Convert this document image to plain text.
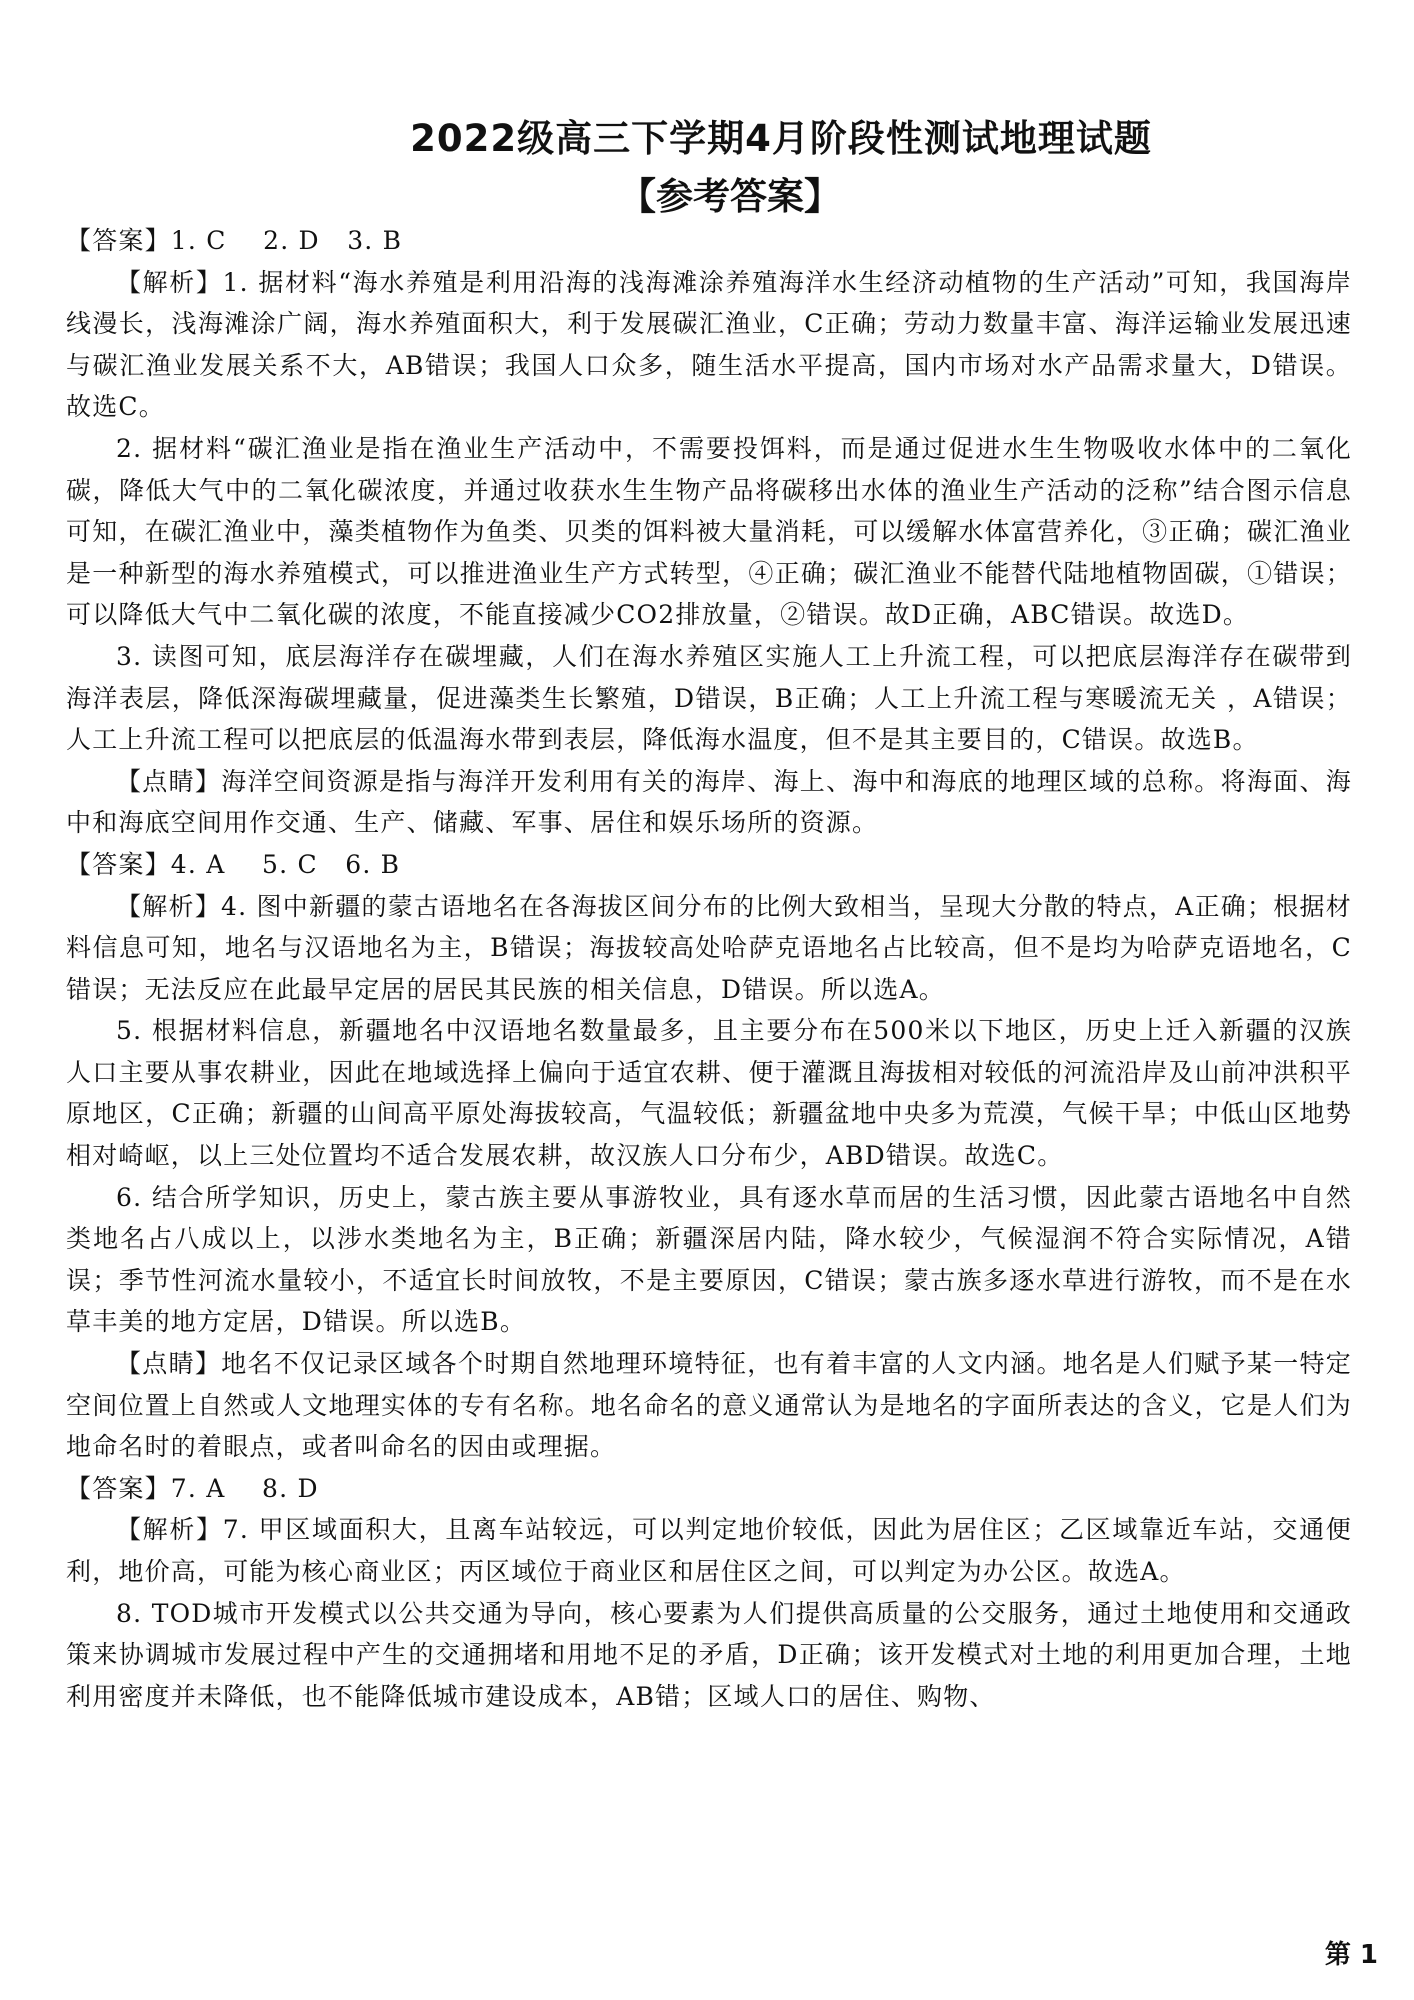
2022级高三下学期4月阶段性测试地理试题
【参考答案】

【答案】1. C    2. D   3. B

【解析】1. 据材料“海水养殖是利用沿海的浅海滩涂养殖海洋水生经济动植物的生产活动”可知，我国海岸线漫长，浅海滩涂广阔，海水养殖面积大，利于发展碳汇渔业，C正确；劳动力数量丰富、海洋运输业发展迅速与碳汇渔业发展关系不大，AB错误；我国人口众多，随生活水平提高，国内市场对水产品需求量大，D错误。故选C。

2. 据材料“碳汇渔业是指在渔业生产活动中，不需要投饵料，而是通过促进水生生物吸收水体中的二氧化碳，降低大气中的二氧化碳浓度，并通过收获水生生物产品将碳移出水体的渔业生产活动的泛称”结合图示信息可知，在碳汇渔业中，藻类植物作为鱼类、贝类的饵料被大量消耗，可以缓解水体富营养化，③正确；碳汇渔业是一种新型的海水养殖模式，可以推进渔业生产方式转型，④正确；碳汇渔业不能替代陆地植物固碳，①错误；可以降低大气中二氧化碳的浓度，不能直接减少CO2排放量，②错误。故D正确，ABC错误。故选D。

3. 读图可知，底层海洋存在碳埋藏，人们在海水养殖区实施人工上升流工程，可以把底层海洋存在碳带到海洋表层，降低深海碳埋藏量，促进藻类生长繁殖，D错误，B正确；人工上升流工程与寒暖流无关 ，A错误；人工上升流工程可以把底层的低温海水带到表层，降低海水温度，但不是其主要目的，C错误。故选B。

【点睛】海洋空间资源是指与海洋开发利用有关的海岸、海上、海中和海底的地理区域的总称。将海面、海中和海底空间用作交通、生产、储藏、军事、居住和娱乐场所的资源。

【答案】4. A    5. C   6. B

【解析】4. 图中新疆的蒙古语地名在各海拔区间分布的比例大致相当，呈现大分散的特点，A正确；根据材料信息可知，地名与汉语地名为主，B错误；海拔较高处哈萨克语地名占比较高，但不是均为哈萨克语地名，C错误；无法反应在此最早定居的居民其民族的相关信息，D错误。所以选A。

5. 根据材料信息，新疆地名中汉语地名数量最多，且主要分布在500米以下地区，历史上迁入新疆的汉族人口主要从事农耕业，因此在地域选择上偏向于适宜农耕、便于灌溉且海拔相对较低的河流沿岸及山前冲洪积平原地区，C正确；新疆的山间高平原处海拔较高，气温较低；新疆盆地中央多为荒漠，气候干旱；中低山区地势相对崎岖，以上三处位置均不适合发展农耕，故汉族人口分布少，ABD错误。故选C。

6. 结合所学知识，历史上，蒙古族主要从事游牧业，具有逐水草而居的生活习惯，因此蒙古语地名中自然类地名占八成以上，以涉水类地名为主，B正确；新疆深居内陆，降水较少，气候湿润不符合实际情况，A错误；季节性河流水量较小，不适宜长时间放牧，不是主要原因，C错误；蒙古族多逐水草进行游牧，而不是在水草丰美的地方定居，D错误。所以选B。

【点睛】地名不仅记录区域各个时期自然地理环境特征，也有着丰富的人文内涵。地名是人们赋予某一特定空间位置上自然或人文地理实体的专有名称。地名命名的意义通常认为是地名的字面所表达的含义，它是人们为地命名时的着眼点，或者叫命名的因由或理据。

【答案】7. A    8. D

【解析】7. 甲区域面积大，且离车站较远，可以判定地价较低，因此为居住区；乙区域靠近车站，交通便利，地价高，可能为核心商业区；丙区域位于商业区和居住区之间，可以判定为办公区。故选A。

8. TOD城市开发模式以公共交通为导向，核心要素为人们提供高质量的公交服务，通过土地使用和交通政策来协调城市发展过程中产生的交通拥堵和用地不足的矛盾，D正确；该开发模式对土地的利用更加合理，土地利用密度并未降低，也不能降低城市建设成本，AB错；区域人口的居住、购物、

第 1
